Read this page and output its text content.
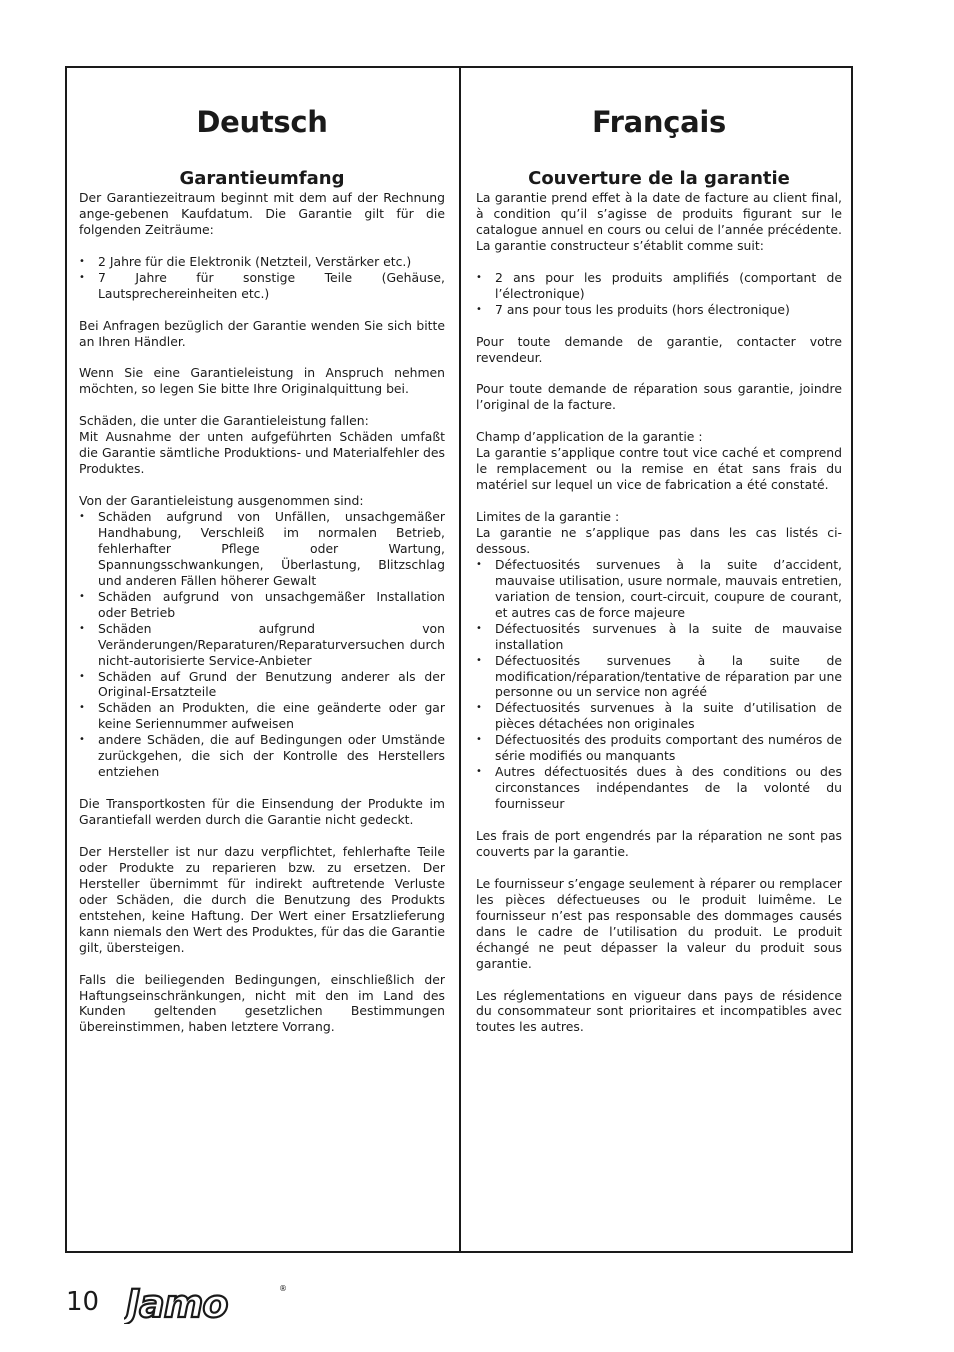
Deutsch
Garantieumfang

Der Garantiezeitraum beginnt mit dem auf der Rechnung ange-gebenen Kaufdatum. Die Garantie gilt für die folgenden Zeiträume:

• 2 Jahre für die Elektronik (Netzteil, Verstärker etc.)
• 7 Jahre für sonstige Teile (Gehäuse, Lautsprechereinheiten etc.)

Bei Anfragen bezüglich der Garantie wenden Sie sich bitte an Ihren Händler.

Wenn Sie eine Garantieleistung in Anspruch nehmen möchten, so legen Sie bitte Ihre Originalquittung bei.

Schäden, die unter die Garantieleistung fallen:
Mit Ausnahme der unten aufgeführten Schäden umfaßt die Garantie sämtliche Produktions- und Materialfehler des Produktes.

Von der Garantieleistung ausgenommen sind:
• Schäden aufgrund von Unfällen, unsachgemäßer Handhabung, Verschleiß im normalen Betrieb, fehlerhafter Pflege oder Wartung, Spannungsschwankungen, Überlastung, Blitzschlag und anderen Fällen höherer Gewalt
• Schäden aufgrund von unsachgemäßer Installation oder Betrieb
• Schäden aufgrund von Veränderungen/Reparaturen/Reparaturversuchen durch nicht-autorisierte Service-Anbieter
• Schäden auf Grund der Benutzung anderer als der Original-Ersatzteile
• Schäden an Produkten, die eine geänderte oder gar keine Seriennummer aufweisen
• andere Schäden, die auf Bedingungen oder Umstände zurückgehen, die sich der Kontrolle des Herstellers entziehen

Die Transportkosten für die Einsendung der Produkte im Garantiefall werden durch die Garantie nicht gedeckt.

Der Hersteller ist nur dazu verpflichtet, fehlerhafte Teile oder Produkte zu reparieren bzw. zu ersetzen. Der Hersteller übernimmt für indirekt auftretende Verluste oder Schäden, die durch die Benutzung des Produkts entstehen, keine Haftung. Der Wert einer Ersatzlieferung kann niemals den Wert des Produktes, für das die Garantie gilt, übersteigen.

Falls die beiliegenden Bedingungen, einschließlich der Haftungseinschränkungen, nicht mit den im Land des Kunden geltenden gesetzlichen Bestimmungen übereinstimmen, haben letztere Vorrang.

Français
Couverture de la garantie

La garantie prend effet à la date de facture au client final, à condition qu’il s’agisse de produits figurant sur le catalogue annuel en cours ou celui de l’année précédente. La garantie constructeur s’établit comme suit:

• 2 ans pour les produits amplifiés (comportant de l’électronique)
• 7 ans pour tous les produits (hors électronique)

Pour toute demande de garantie, contacter votre revendeur.

Pour toute demande de réparation sous garantie, joindre l’original de la facture.

Champ d’application de la garantie :
La garantie s’applique contre tout vice caché et comprend le remplacement ou la remise en état sans frais du matériel sur lequel un vice de fabrication a été constaté.

Limites de la garantie :
La garantie ne s’applique pas dans les cas listés ci-dessous.
• Défectuosités survenues à la suite d’accident, mauvaise utilisation, usure normale, mauvais entretien, variation de tension, court-circuit, coupure de courant, et autres cas de force majeure
• Défectuosités survenues à la suite de mauvaise installation
• Défectuosités survenues à la suite de modification/réparation/tentative de réparation par une personne ou un service non agréé
• Défectuosités survenues à la suite d’utilisation de pièces détachées non originales
• Défectuosités des produits comportant des numéros de série modifiés ou manquants
• Autres défectuosités dues à des conditions ou des circonstances indépendantes de la volonté du fournisseur

Les frais de port engendrés par la réparation ne sont pas couverts par la garantie.

Le fournisseur s’engage seulement à réparer ou remplacer les pièces défectueuses ou le produit luimême. Le fournisseur n’est pas responsable des dommages causés dans le cadre de l’utilisation du produit. Le produit échangé ne peut dépasser la valeur du produit sous garantie.

Les réglementations en vigueur dans pays de résidence du consommateur sont prioritaires et incompatibles avec toutes les autres.

10 Jamo	®
